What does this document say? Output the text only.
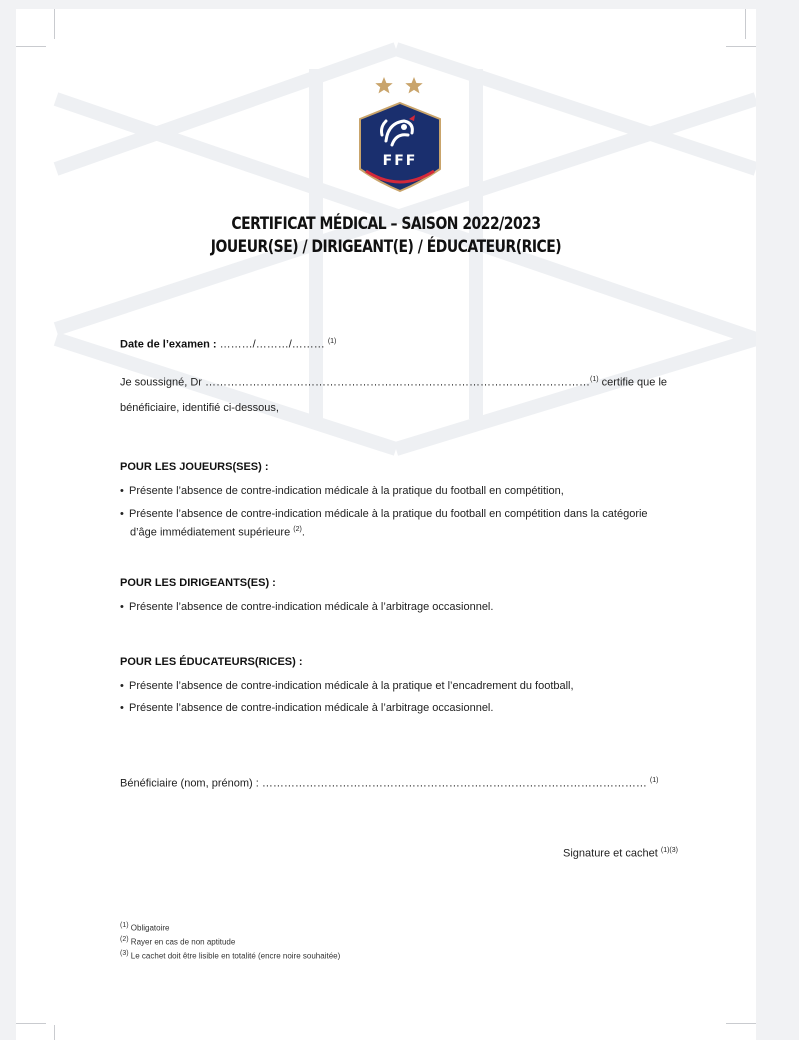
FFF
CERTIFICAT MÉDICAL – SAISON 2022/2023
JOUEUR(SE) / DIRIGEANT(E) / ÉDUCATEUR(RICE)
Date de l’examen : ………/………/……… $^{(1)}$
Je soussigné, Dr ……………………………………………………………………………………………$^{(1)}$ certifie que le
bénéficiaire, identifié ci-dessous,
POUR LES JOUEURS(SES) :
• Présente l’absence de contre-indication médicale à la pratique du football en compétition,
• Présente l’absence de contre-indication médicale à la pratique du football en compétition dans la catégorie
d’âge immédiatement supérieure $^{(2)}$.
POUR LES DIRIGEANTS(ES) :
• Présente l’absence de contre-indication médicale à l’arbitrage occasionnel.
POUR LES ÉDUCATEURS(RICES) :
• Présente l’absence de contre-indication médicale à la pratique et l’encadrement du football,
• Présente l’absence de contre-indication médicale à l’arbitrage occasionnel.
Bénéficiaire (nom, prénom) : …………………………………………………………………………………………… $^{(1)}$
Signature et cachet $^{(1)(3)}$
(1) Obligatoire
(2) Rayer en cas de non aptitude
(3) Le cachet doit être lisible en totalité (encre noire souhaitée)
